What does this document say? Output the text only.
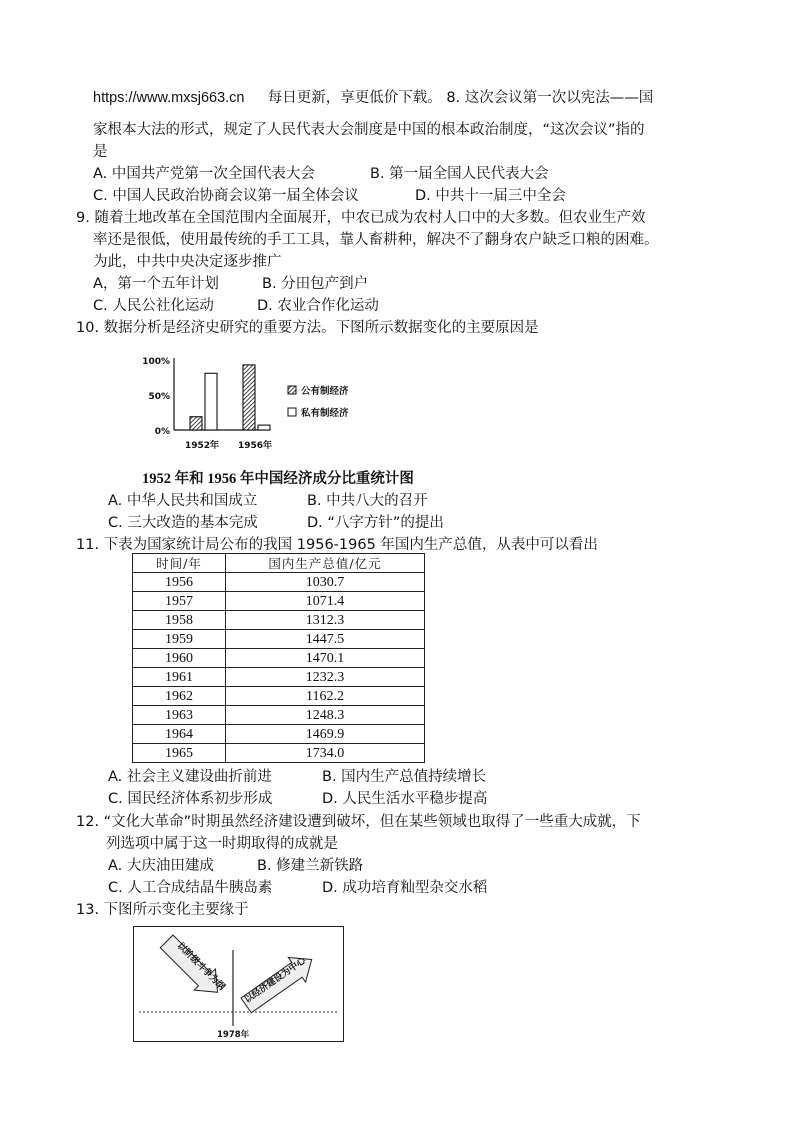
https://www.mxsj663.cn 每日更新，享更低价下载。 8. 这次会议第一次以宪法——国
家根本大法的形式，规定了人民代表大会制度是中国的根本政治制度，“这次会议”指的
是
A. 中国共产党第一次全国代表大会	B. 第一届全国人民代表大会
C. 中国人民政治协商会议第一届全体会议	D. 中共十一届三中全会
9. 随着土地改革在全国范围内全面展开，中农已成为农村人口中的大多数。但农业生产效
率还是很低，使用最传统的手工工具，靠人畜耕种，解决不了翻身农户缺乏口粮的困难。
为此，中共中央决定逐步推广
A，第一个五年计划	B. 分田包产到户
C. 人民公社化运动	D. 农业合作化运动
10. 数据分析是经济史研究的重要方法。下图所示数据变化的主要原因是
100%
50%
0%
1952年 1956年
公有制经济
私有制经济
1952 年和 1956 年中国经济成分比重统计图
A. 中华人民共和国成立	B. 中共八大的召开
C. 三大改造的基本完成	D. “八字方针”的提出
11. 下表为国家统计局公布的我国 1956-1965 年国内生产总值，从表中可以看出
时间/年	国内生产总值/亿元
1956	1030.7
1957	1071.4
1958	1312.3
1959	1447.5
1960	1470.1
1961	1232.3
1962	1162.2
1963	1248.3
1964	1469.9
1965	1734.0
A. 社会主义建设曲折前进	B. 国内生产总值持续增长
C. 国民经济体系初步形成	D. 人民生活水平稳步提高
12. “文化大革命”时期虽然经济建设遭到破坏，但在某些领域也取得了一些重大成就，下
列选项中属于这一时期取得的成就是
A. 大庆油田建成	B. 修建兰新铁路
C. 人工合成结晶牛胰岛素	D. 成功培育籼型杂交水稻
13. 下图所示变化主要缘于
以阶级斗争为纲 以经济建设为中心
1978年
